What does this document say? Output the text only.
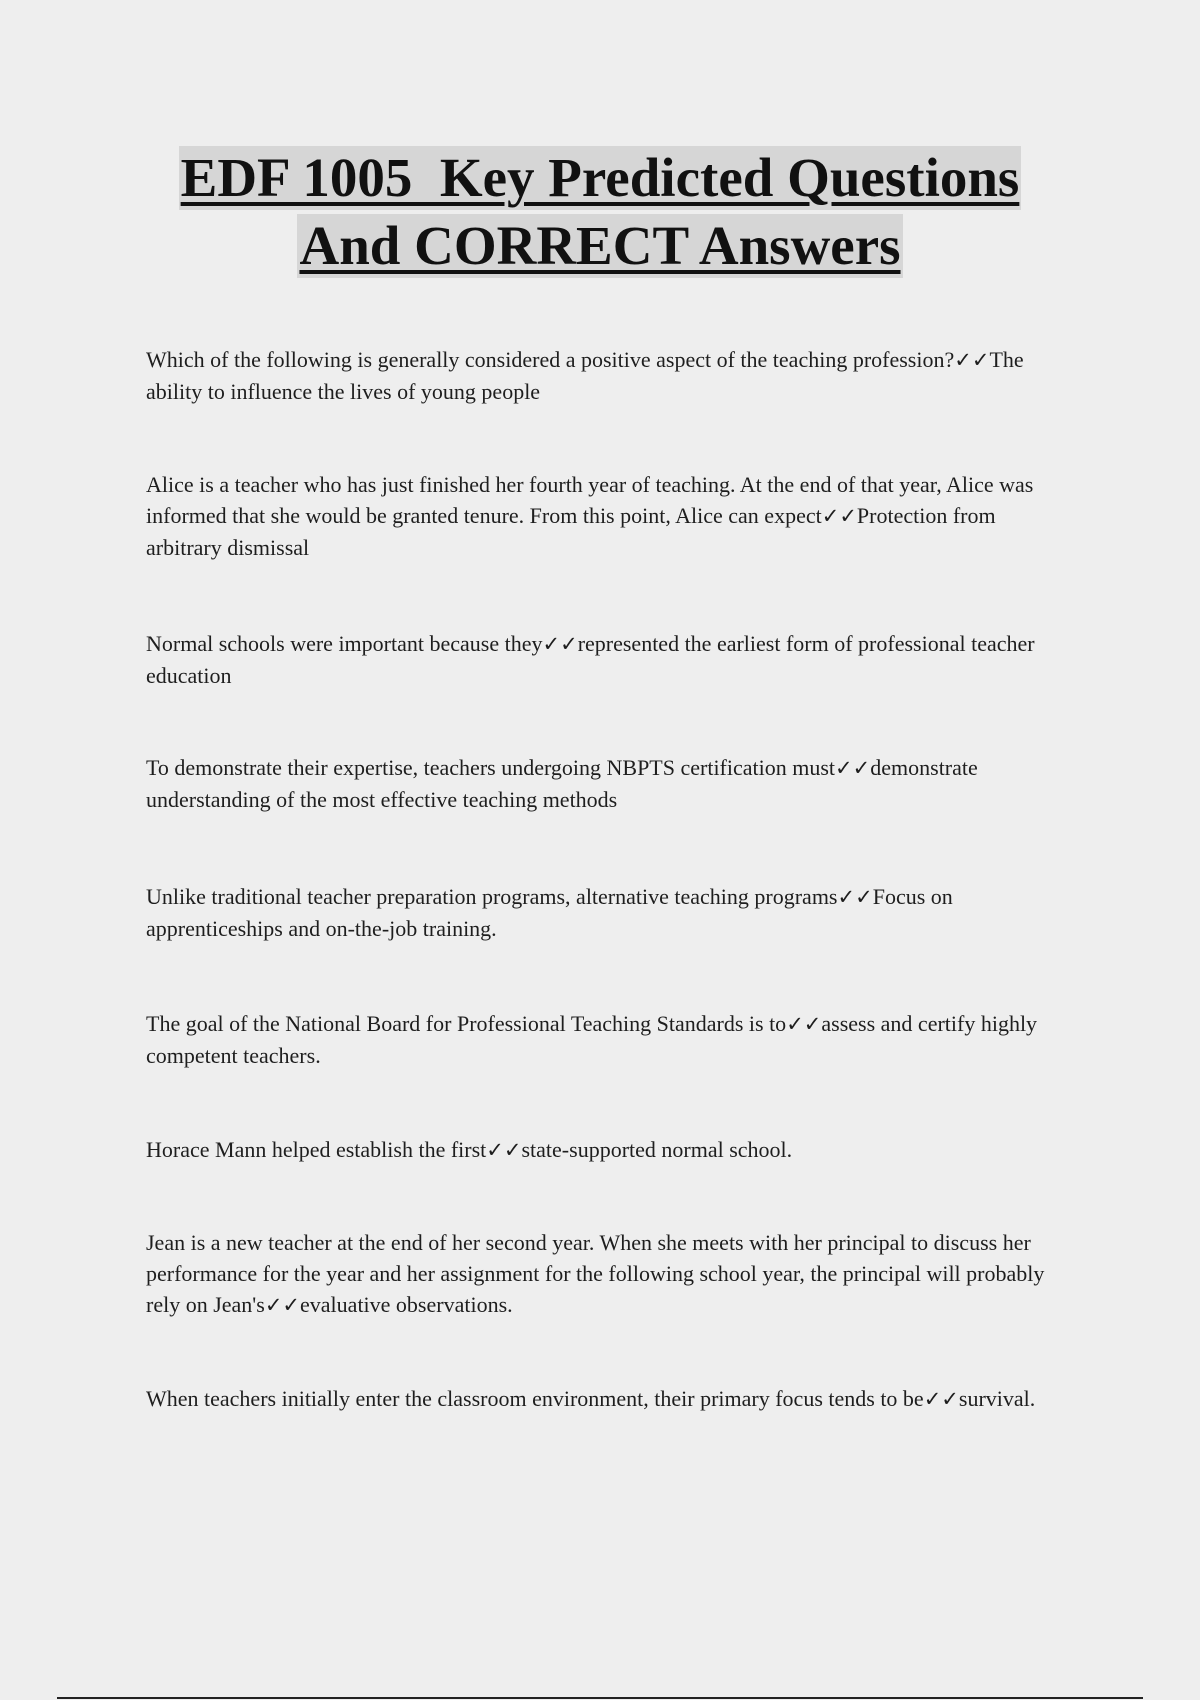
EDF 1005  Key Predicted Questions
And CORRECT Answers
Which of the following is generally considered a positive aspect of the teaching profession?✓✓The ability to influence the lives of young people
Alice is a teacher who has just finished her fourth year of teaching. At the end of that year, Alice was informed that she would be granted tenure. From this point, Alice can expect✓✓Protection from arbitrary dismissal
Normal schools were important because they✓✓represented the earliest form of professional teacher education
To demonstrate their expertise, teachers undergoing NBPTS certification must✓✓demonstrate understanding of the most effective teaching methods
Unlike traditional teacher preparation programs, alternative teaching programs✓✓Focus on apprenticeships and on-the-job training.
The goal of the National Board for Professional Teaching Standards is to✓✓assess and certify highly competent teachers.
Horace Mann helped establish the first✓✓state-supported normal school.
Jean is a new teacher at the end of her second year. When she meets with her principal to discuss her performance for the year and her assignment for the following school year, the principal will probably rely on Jean's✓✓evaluative observations.
When teachers initially enter the classroom environment, their primary focus tends to be✓✓survival.
